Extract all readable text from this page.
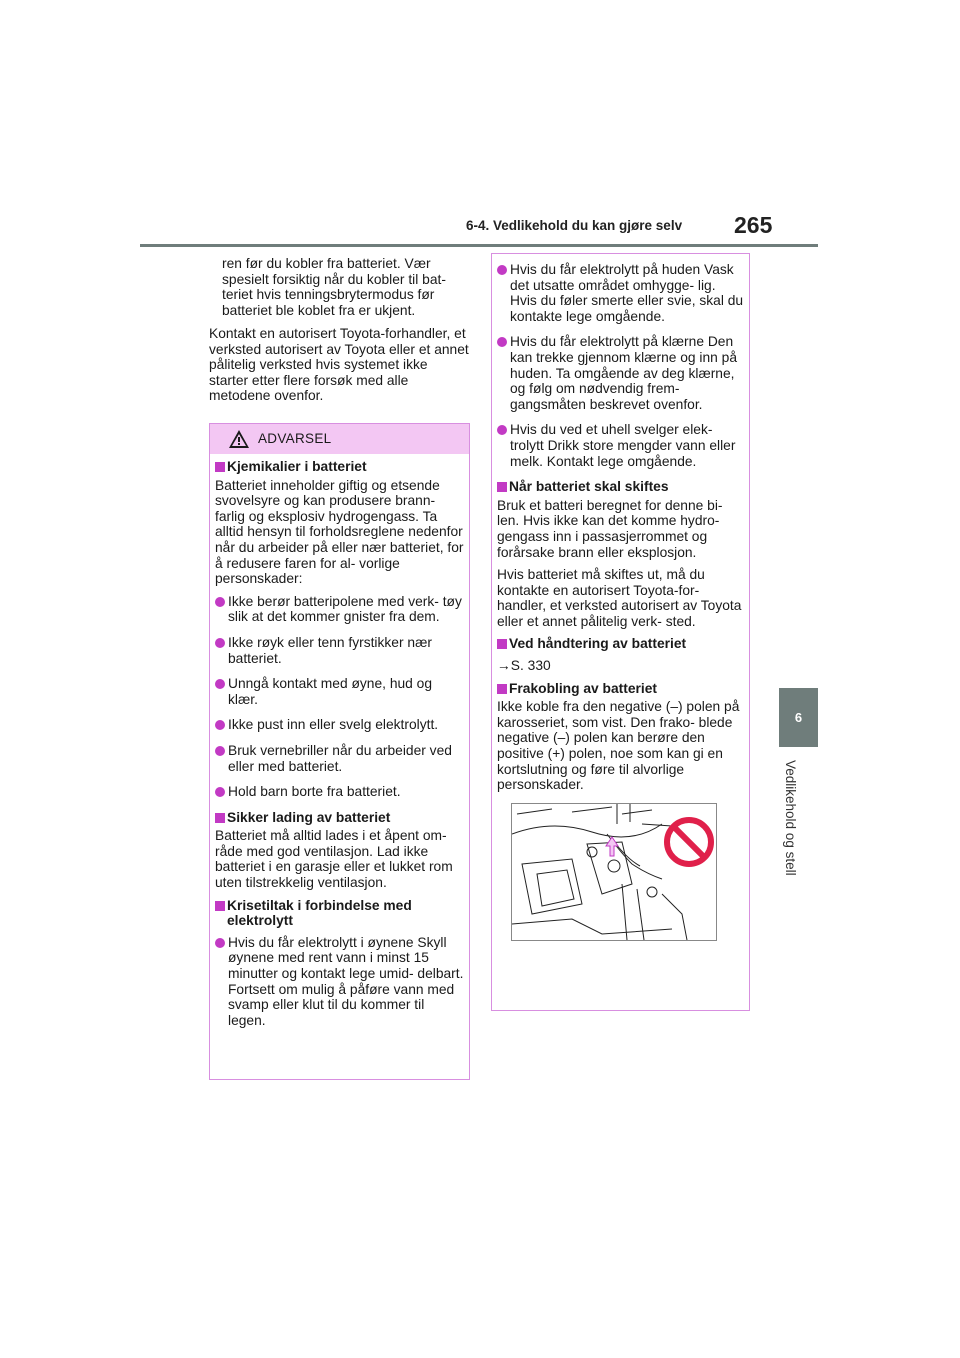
6-4. Vedlikehold du kan gjøre selv 265
6
Vedlikehold og stell

ren før du kobler fra batteriet. Vær spesielt forsiktig når du kobler til bat- teriet hvis tenningsbrytermodus før batteriet ble koblet fra er ukjent.

Kontakt en autorisert Toyota-forhandler, et verksted autorisert av Toyota eller et annet pålitelig verksted hvis systemet ikke starter etter flere forsøk med alle metodene ovenfor.

ADVARSEL
Kjemikalier i batteriet

Batteriet inneholder giftig og etsende svovelsyre og kan produsere brann- farlig og eksplosiv hydrogengass. Ta alltid hensyn til forholdsreglene nedenfor når du arbeider på eller nær batteriet, for å redusere faren for al- vorlige personskader:

Ikke berør batteripolene med verk- tøy slik at det kommer gnister fra dem.
Ikke røyk eller tenn fyrstikker nær batteriet.
Unngå kontakt med øyne, hud og klær.
Ikke pust inn eller svelg elektrolytt.
Bruk vernebriller når du arbeider ved eller med batteriet.
Hold barn borte fra batteriet.
Sikker lading av batteriet

Batteriet må alltid lades i et åpent om- råde med god ventilasjon. Lad ikke batteriet i en garasje eller et lukket rom uten tilstrekkelig ventilasjon.

Krisetiltak i forbindelse med elektrolytt
Hvis du får elektrolytt i øynene Skyll øynene med rent vann i minst 15 minutter og kontakt lege umid- delbart. Fortsett om mulig å påføre vann med svamp eller klut til du kommer til legen.
Hvis du får elektrolytt på huden Vask det utsatte området omhygge- lig. Hvis du føler smerte eller svie, skal du kontakte lege omgående.
Hvis du får elektrolytt på klærne Den kan trekke gjennom klærne og inn på huden. Ta omgående av deg klærne, og følg om nødvendig frem- gangsmåten beskrevet ovenfor.
Hvis du ved et uhell svelger elek- trolytt Drikk store mengder vann eller melk. Kontakt lege omgående.
Når batteriet skal skiftes

Bruk et batteri beregnet for denne bi- len. Hvis ikke kan det komme hydro- gengass inn i passasjerrommet og forårsake brann eller eksplosjon.

Hvis batteriet må skiftes ut, må du kontakte en autorisert Toyota-for- handler, et verksted autorisert av Toyota eller et annet pålitelig verk- sted.

Ved håndtering av batteriet

→S. 330

Frakobling av batteriet

Ikke koble fra den negative (–) polen på karosseriet, som vist. Den frako- blede negative (–) polen kan berøre den positive (+) polen, noe som kan gi en kortslutning og føre til alvorlige personskader.
